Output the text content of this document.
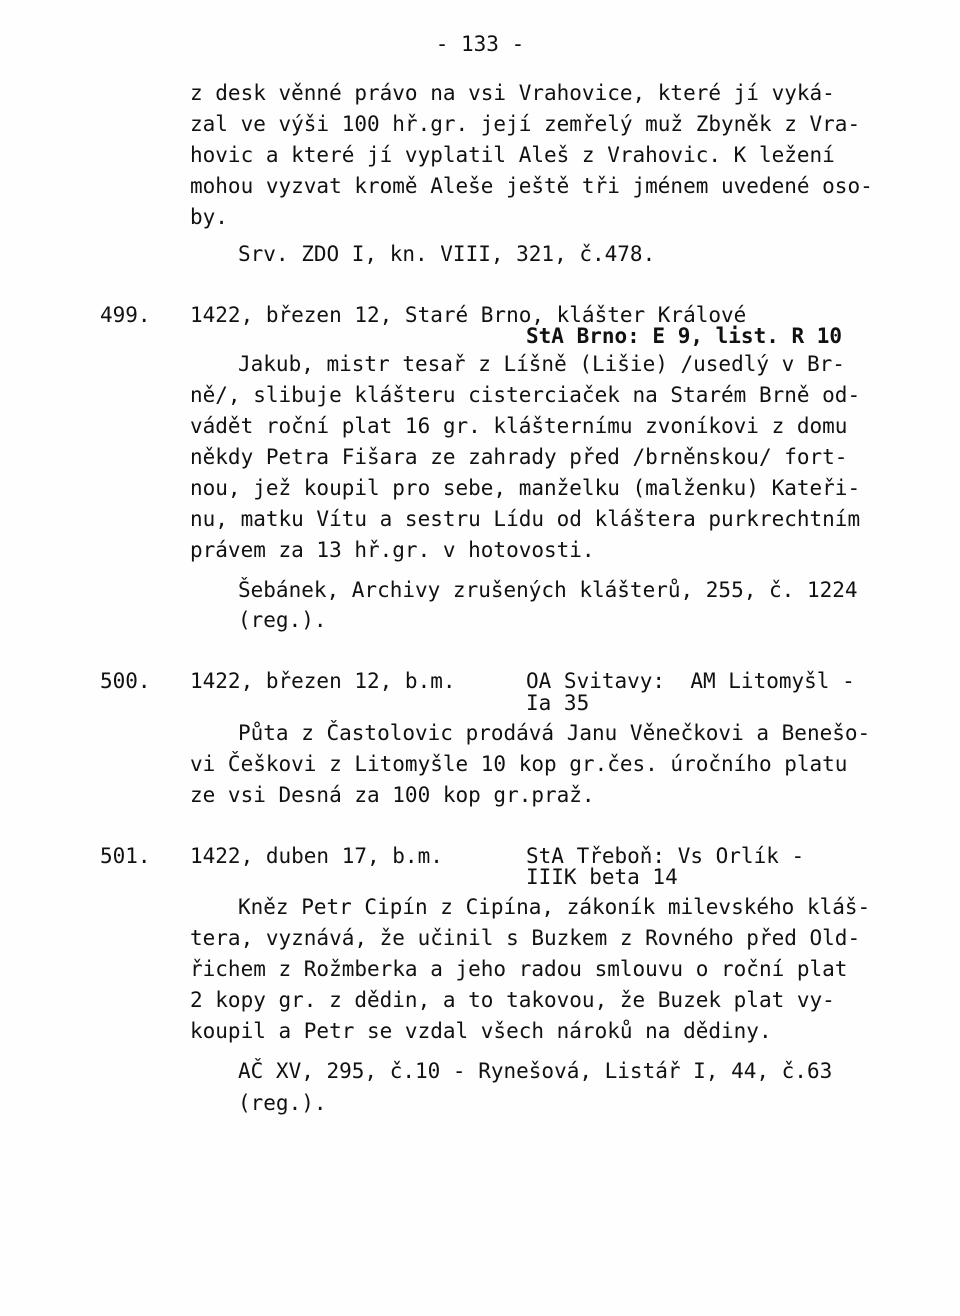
- 133 -
z desk věnné právo na vsi Vrahovice, které jí vyká-
zal ve výši 100 hř.gr. její zemřelý muž Zbyněk z Vra-
hovic a které jí vyplatil Aleš z Vrahovic. K ležení
mohou vyzvat kromě Aleše ještě tři jménem uvedené oso-
by.
Srv. ZDO I, kn. VIII, 321, č.478.
499. 1422, březen 12, Staré Brno, klášter Králové
StA Brno: E 9, list. R 10
Jakub, mistr tesař z Líšně (Lišie) /usedlý v Br-
ně/, slibuje klášteru cisterciaček na Starém Brně od-
vádět roční plat 16 gr. klášternímu zvoníkovi z domu
někdy Petra Fišara ze zahrady před /brněnskou/ fort-
nou, jež koupil pro sebe, manželku (malženku) Kateři-
nu, matku Vítu a sestru Lídu od kláštera purkrechtním
právem za 13 hř.gr. v hotovosti.
Šebánek, Archivy zrušených klášterů, 255, č. 1224
(reg.).
500. 1422, březen 12, b.m.	OA Svitavy:  AM Litomyšl -
Ia 35
Půta z Častolovic prodává Janu Věnečkovi a Benešo-
vi Češkovi z Litomyšle 10 kop gr.čes. úročního platu
ze vsi Desná za 100 kop gr.praž.
501. 1422, duben 17, b.m.	StA Třeboň: Vs Orlík -
IIIK beta 14
Kněz Petr Cipín z Cipína, zákoník milevského kláš-
tera, vyznává, že učinil s Buzkem z Rovného před Old-
řichem z Rožmberka a jeho radou smlouvu o roční plat
2 kopy gr. z dědin, a to takovou, že Buzek plat vy-
koupil a Petr se vzdal všech nároků na dědiny.
AČ XV, 295, č.10 - Rynešová, Listář I, 44, č.63
(reg.).
